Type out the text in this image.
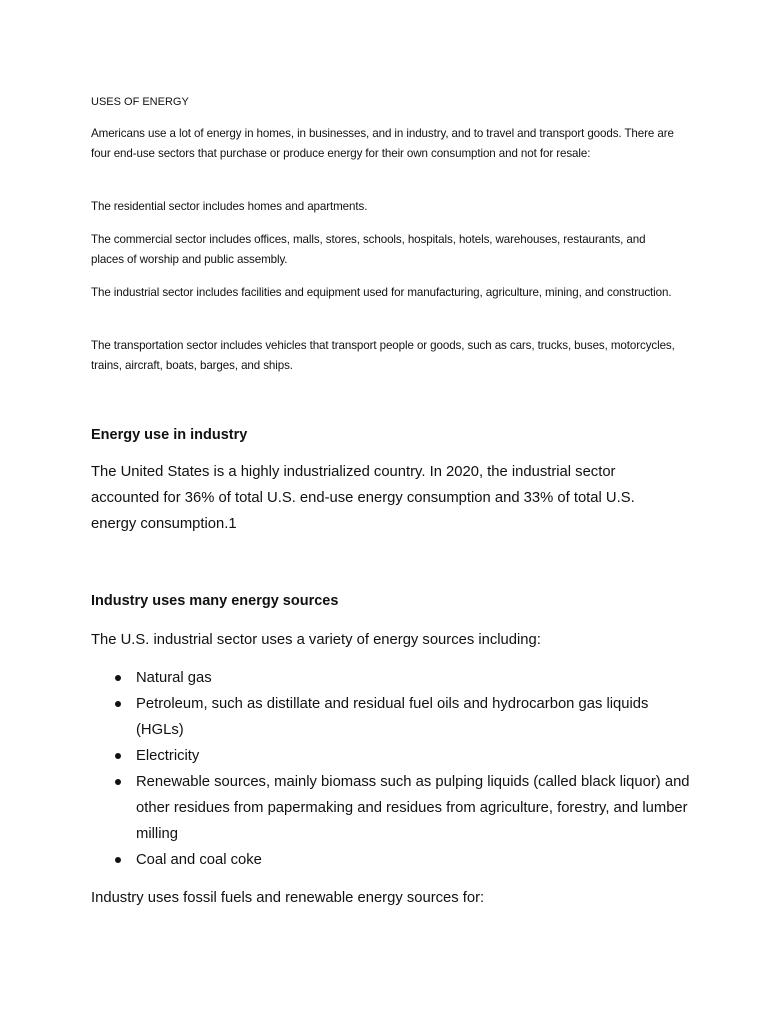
USES OF ENERGY

Americans use a lot of energy in homes, in businesses, and in industry, and to travel and transport goods. There are four end-use sectors that purchase or produce energy for their own consumption and not for resale:

The residential sector includes homes and apartments.

The commercial sector includes offices, malls, stores, schools, hospitals, hotels, warehouses, restaurants, and places of worship and public assembly.

The industrial sector includes facilities and equipment used for manufacturing, agriculture, mining, and construction.

The transportation sector includes vehicles that transport people or goods, such as cars, trucks, buses, motorcycles, trains, aircraft, boats, barges, and ships.

Energy use in industry

The United States is a highly industrialized country. In 2020, the industrial sector accounted for 36% of total U.S. end-use energy consumption and 33% of total U.S. energy consumption.1

Industry uses many energy sources

The U.S. industrial sector uses a variety of energy sources including:

Natural gas
Petroleum, such as distillate and residual fuel oils and hydrocarbon gas liquids (HGLs)
Electricity
Renewable sources, mainly biomass such as pulping liquids (called black liquor) and other residues from papermaking and residues from agriculture, forestry, and lumber milling
Coal and coal coke

Industry uses fossil fuels and renewable energy sources for:
